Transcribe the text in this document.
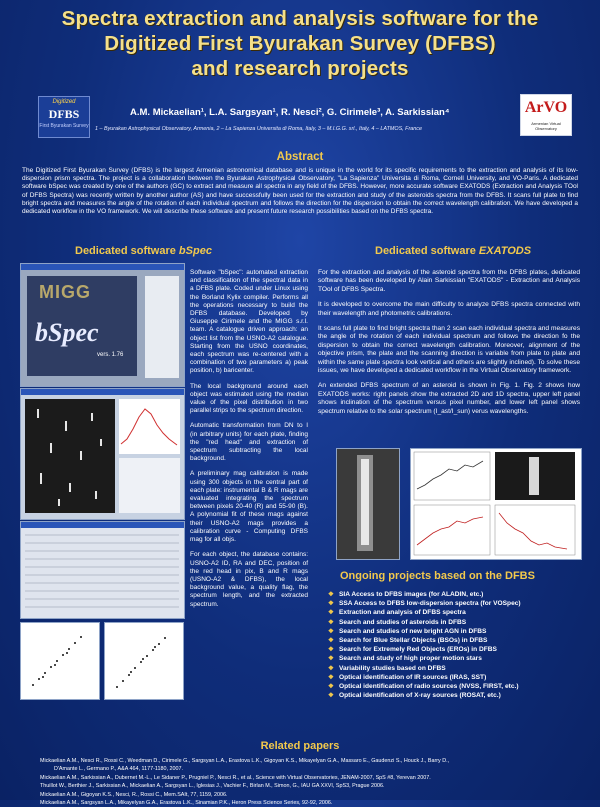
Spectra extraction and analysis software for the
Digitized First Byurakan Survey (DFBS)
and research projects
Digitized
DFBS
First Byurakan Survey
A.M. Mickaelian¹, L.A. Sargsyan¹, R. Nesci², G. Cirimele³, A. Sarkissian⁴
1 – Byurakan Astrophysical Observatory, Armenia, 2 – La Sapienza Universita di Roma, Italy, 3 – M.I.G.G. srl., Italy, 4 – LATMOS, France
ArVO
Armenian Virtual Observatory
Abstract
The Digitized First Byurakan Survey (DFBS) is the largest Armenian astronomical database and is unique in the world for its specific requirements to the extraction and analysis of its low-dispersion prism spectra. The project is a collaboration between the Byurakan Astrophysical Observatory, "La Sapienza" Universita di Roma, Cornell University, and VO-Paris. A dedicated software bSpec was created by one of the authors (GC) to extract and measure all spectra in any field of the DFBS. However, more accurate software EXATODS (Extraction and Analysis TOol of DFBS Spectra) was recently written by another author (AS) and have successfully been used for the extraction and study of the asteroids spectra from the DFBS. It scans full plate to find bright spectra and measures the angle of the rotation of each individual spectrum and follows the direction for the dispersion to obtain the correct wavelength calibration. We have developed a dedicated workflow in the VO framework. We will describe these software and present future research possibilities based on the DFBS spectra.
Dedicated software bSpec	Dedicated software EXATODS
MIGG
bSpec
vers. 1.76

Software "bSpec": automated extraction and classification of the spectral data in a DFBS plate. Coded under Linux using the Borland Kylix compiler. Performs all the operations necessary to build the DFBS database. Developed by Giuseppe Cirimele and the MIGG s.r.l. team. A catalogue driven approach: an object list from the USNO-A2 catalogue. Starting from the USNO coordinates, each spectrum was re-centered with a combination of two parameters a) peak position, b) baricenter.

The local background around each object was estimated using the median value of the pixel distribution in two parallel strips to the spectrum direction.

Automatic transformation from DN to I (in arbitrary units) for each plate, finding the "red head" and extraction of spectrum subtracting the local background.

A preliminary mag calibration is made using 300 objects in the central part of each plate: instrumental B & R mags are evaluated integrating the spectrum between pixels 20-40 (R) and 55-90 (B). A polynomial fit of these mags against their USNO-A2 mags provides a calibration curve - Computing DFBS mag for all objs.

For each object, the database contains: USNO-A2 ID, RA and DEC, position of the red head in pix, B and R mags (USNO-A2 & DFBS), the local background value, a quality flag, the spectrum length, and the extracted spectrum.

For the extraction and analysis of the asteroid spectra from the DFBS plates, dedicated software has been developed by Alain Sarkissian "EXATODS" - Extraction and Analysis TOol of DFBS Spectra.

It is developed to overcome the main difficulty to analyze DFBS spectra connected with their wavelength and photometric calibrations.

It scans full plate to find bright spectra than 2 scan each individual spectra and measures the angle of the rotation of each individual spectrum and follows the direction fo the dispersion to obtain the correct wavelength calibration. Moreover, alignment of the objective prism, the plate and the scanning direction is variable from plate to plate and within the same plate spectra look vertical and others are slightly inclined). To solve these issues, we have developed a dedicated workflow in the Virtual Observatory framework.

An extended DFBS spectrum of an asteroid is shown in Fig. 1. Fig. 2 shows how EXATODS works: right panels show the extracted 2D and 1D spectra, upper left panel shows inclination of the spectrum versus pixel number, and lower left panel shows spectrum relative to the solar spectrum (I_ast/I_sun) verus wavelengths.

Ongoing projects based on the DFBS
❖ SIA Access to DFBS images (for ALADIN, etc.)
❖ SSA Access to DFBS low-dispersion spectra (for VOSpec)
❖ Extraction and analysis of DFBS spectra
❖ Search and studies of asteroids in DFBS
❖ Search and studies of new bright AGN in DFBS
❖ Search for Blue Stellar Objects (BSOs) in DFBS
❖ Search for Extremely Red Objects (EROs) in DFBS
❖ Search and study of high proper motion stars
❖ Variability studies based on DFBS
❖ Optical identification of IR sources (IRAS, SST)
❖ Optical identification of radio sources (NVSS, FIRST, etc.)
❖ Optical identification of X-ray sources (ROSAT, etc.)
Related papers
Mickaelian A.M., Nesci R., Rossi C., Weedman D., Cirimele G., Sargsyan L.A., Erastova L.K., Gigoyan K.S., Mikayelyan G.A., Massaro E., Gaudenzi S., Houck J., Barry D.,
D'Amante L., Germano P., A&A 464, 1177-1180, 2007.
Mickaelian A.M., Sarkissian A., Dubernet M.-L., Le Sidaner P., Prugniel P., Nesci R., et al., Science with Virtual Observatories, JENAM-2007, SpS #8, Yerevan 2007.
Thuillot W., Berthier J., Sarkissian A., Mickaelian A., Sargsyan L., Iglesias J., Vachier F., Birlan M., Simon, G., IAU GA XXVI, SpS3, Prague 2006.
Mickaelian A.M., Gigoyan K.S., Nesci, R., Rossi C., Mem.SAIt, 77, 1159, 2006.
Mickaelian A.M., Sargsyan L.A., Mikayelyan G.A., Erastova L.K., Sinamian P.K., Heron Press Science Series, 92-92, 2006.
